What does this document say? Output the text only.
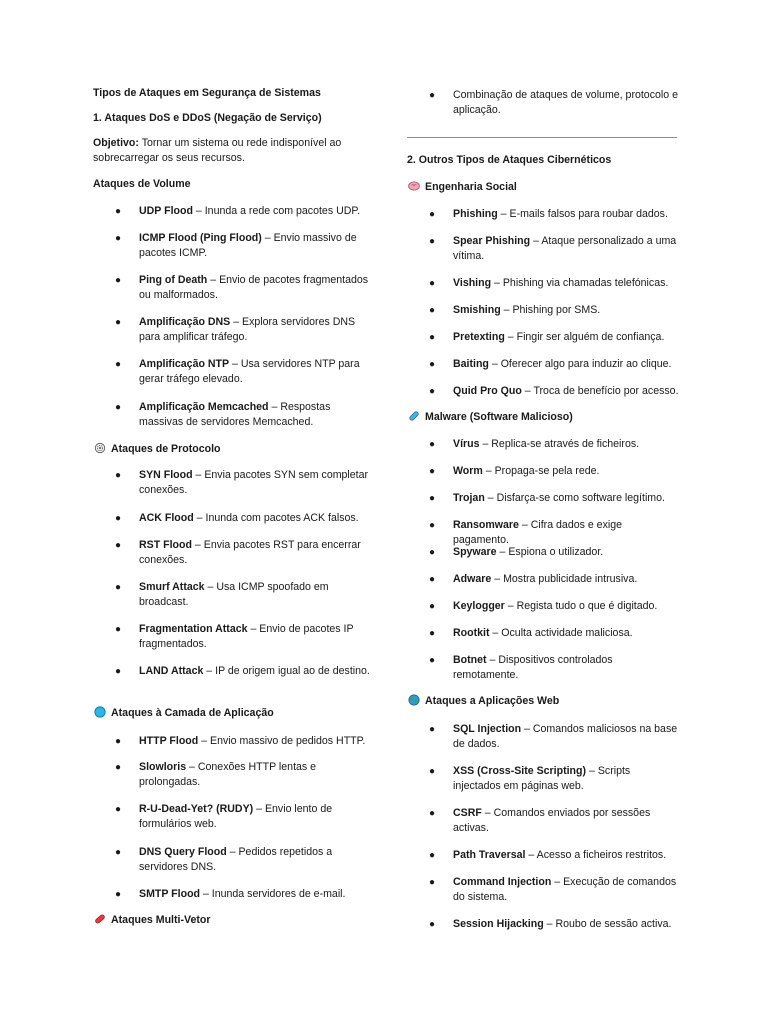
Tipos de Ataques em Segurança de Sistemas
1. Ataques DoS e DDoS (Negação de Serviço)
Objetivo: Tornar um sistema ou rede indisponível ao sobrecarregar os seus recursos.
Ataques de Volume
● UDP Flood – Inunda a rede com pacotes UDP.
● ICMP Flood (Ping Flood) – Envio massivo de pacotes ICMP.
● Ping of Death – Envio de pacotes fragmentados ou malformados.
● Amplificação DNS – Explora servidores DNS para amplificar tráfego.
● Amplificação NTP – Usa servidores NTP para gerar tráfego elevado.
● Amplificação Memcached – Respostas massivas de servidores Memcached.
Ataques de Protocolo
● SYN Flood – Envia pacotes SYN sem completar conexões.
● ACK Flood – Inunda com pacotes ACK falsos.
● RST Flood – Envia pacotes RST para encerrar conexões.
● Smurf Attack – Usa ICMP spoofado em broadcast.
● Fragmentation Attack – Envio de pacotes IP fragmentados.
● LAND Attack – IP de origem igual ao de destino.
Ataques à Camada de Aplicação
● HTTP Flood – Envio massivo de pedidos HTTP.
● Slowloris – Conexões HTTP lentas e prolongadas.
● R-U-Dead-Yet? (RUDY) – Envio lento de formulários web.
● DNS Query Flood – Pedidos repetidos a servidores DNS.
● SMTP Flood – Inunda servidores de e-mail.
Ataques Multi-Vetor
● Combinação de ataques de volume, protocolo e aplicação.
2. Outros Tipos de Ataques Cibernéticos
Engenharia Social
● Phishing – E-mails falsos para roubar dados.
● Spear Phishing – Ataque personalizado a uma vítima.
● Vishing – Phishing via chamadas telefónicas.
● Smishing – Phishing por SMS.
● Pretexting – Fingir ser alguém de confiança.
● Baiting – Oferecer algo para induzir ao clique.
● Quid Pro Quo – Troca de benefício por acesso.
Malware (Software Malicioso)
● Vírus – Replica-se através de ficheiros.
● Worm – Propaga-se pela rede.
● Trojan – Disfarça-se como software legítimo.
● Ransomware – Cifra dados e exige pagamento.
● Spyware – Espiona o utilizador.
● Adware – Mostra publicidade intrusiva.
● Keylogger – Regista tudo o que é digitado.
● Rootkit – Oculta actividade maliciosa.
● Botnet – Dispositivos controlados remotamente.
Ataques a Aplicações Web
● SQL Injection – Comandos maliciosos na base de dados.
● XSS (Cross-Site Scripting) – Scripts injectados em páginas web.
● CSRF – Comandos enviados por sessões activas.
● Path Traversal – Acesso a ficheiros restritos.
● Command Injection – Execução de comandos do sistema.
● Session Hijacking – Roubo de sessão activa.
